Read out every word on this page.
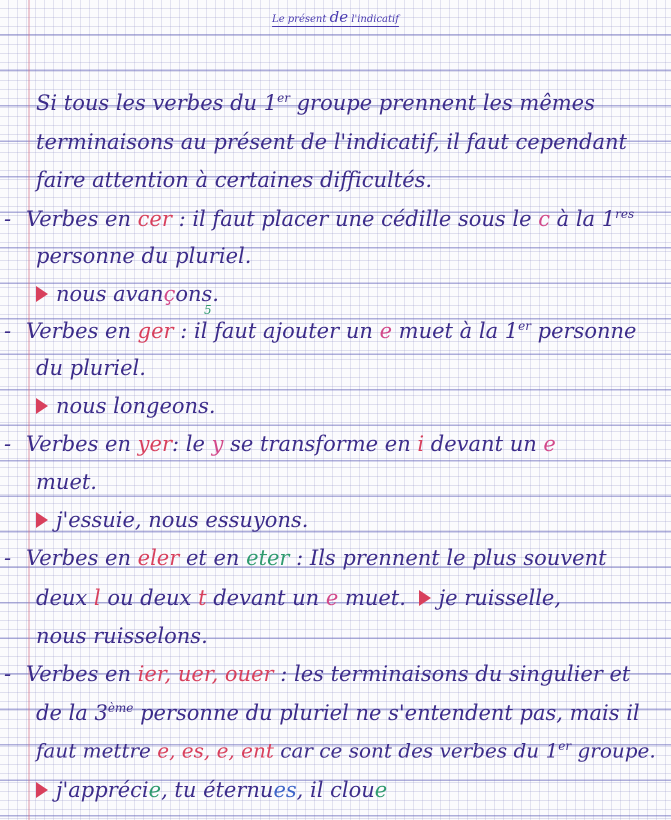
Le présent de l'indicatif
Si tous les verbes du 1er groupe prennent les mêmes
terminaisons au présent de l'indicatif, il faut cependant
faire attention à certaines difficultés.
- Verbes en cer : il faut placer une cédille sous le c à la 1res
personne du pluriel.
nous avançons.
5
- Verbes en ger : il faut ajouter un e muet à la 1er personne
du pluriel.
nous longeons.
- Verbes en yer: le y se transforme en i devant un e
muet.
j'essuie, nous essuyons.
- Verbes en eler et en eter : Ils prennent le plus souvent
deux l ou deux t devant un e muet. je ruisselle,
nous ruisselons.
- Verbes en ier, uer, ouer : les terminaisons du singulier et
de la 3ème personne du pluriel ne s'entendent pas, mais il
faut mettre e, es, e, ent car ce sont des verbes du 1er groupe.
j'apprécie, tu éternues, il cloue
